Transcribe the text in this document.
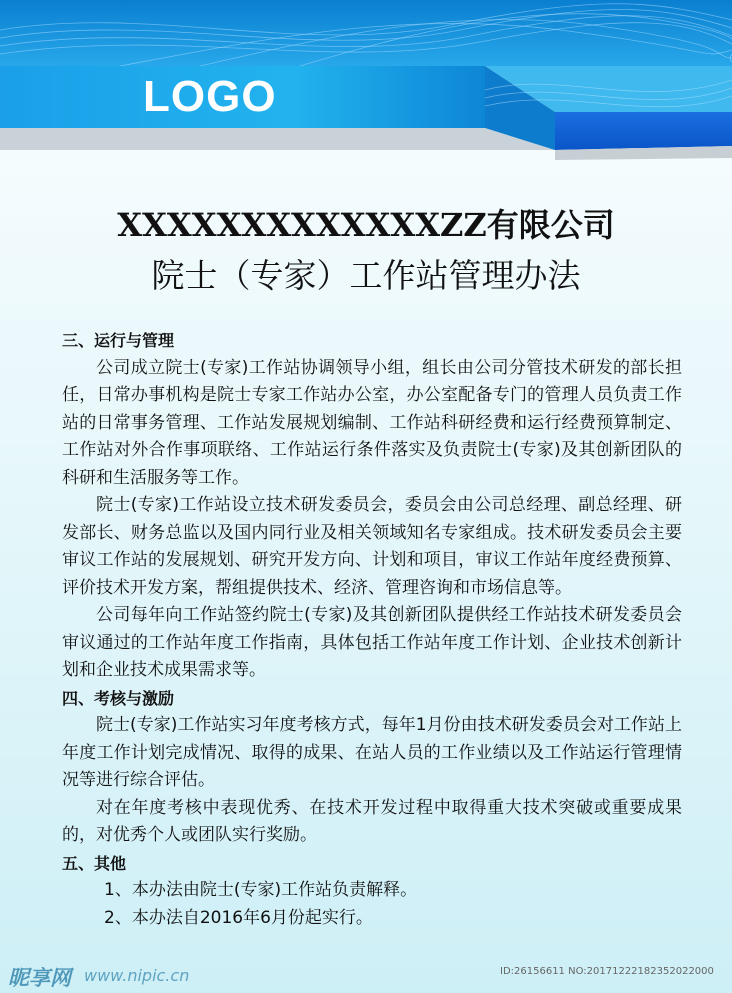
LOGO
XXXXXXXXXXXXXZZ有限公司
院士（专家）工作站管理办法
三、运行与管理
公司成立院士(专家)工作站协调领导小组，组长由公司分管技术研发的部长担任，日常办事机构是院士专家工作站办公室，办公室配备专门的管理人员负责工作站的日常事务管理、工作站发展规划编制、工作站科研经费和运行经费预算制定、工作站对外合作事项联络、工作站运行条件落实及负责院士(专家)及其创新团队的科研和生活服务等工作。
院士(专家)工作站设立技术研发委员会，委员会由公司总经理、副总经理、研发部长、财务总监以及国内同行业及相关领域知名专家组成。技术研发委员会主要审议工作站的发展规划、研究开发方向、计划和项目，审议工作站年度经费预算、评价技术开发方案，帮组提供技术、经济、管理咨询和市场信息等。
公司每年向工作站签约院士(专家)及其创新团队提供经工作站技术研发委员会审议通过的工作站年度工作指南，具体包括工作站年度工作计划、企业技术创新计划和企业技术成果需求等。
四、考核与激励
院士(专家)工作站实习年度考核方式，每年1月份由技术研发委员会对工作站上年度工作计划完成情况、取得的成果、在站人员的工作业绩以及工作站运行管理情况等进行综合评估。
对在年度考核中表现优秀、在技术开发过程中取得重大技术突破或重要成果的，对优秀个人或团队实行奖励。
五、其他
1、本办法由院士(专家)工作站负责解释。
2、本办法自2016年6月份起实行。
昵享网 www.nipic.cn	ID:26156611 NO:20171222182352022000
